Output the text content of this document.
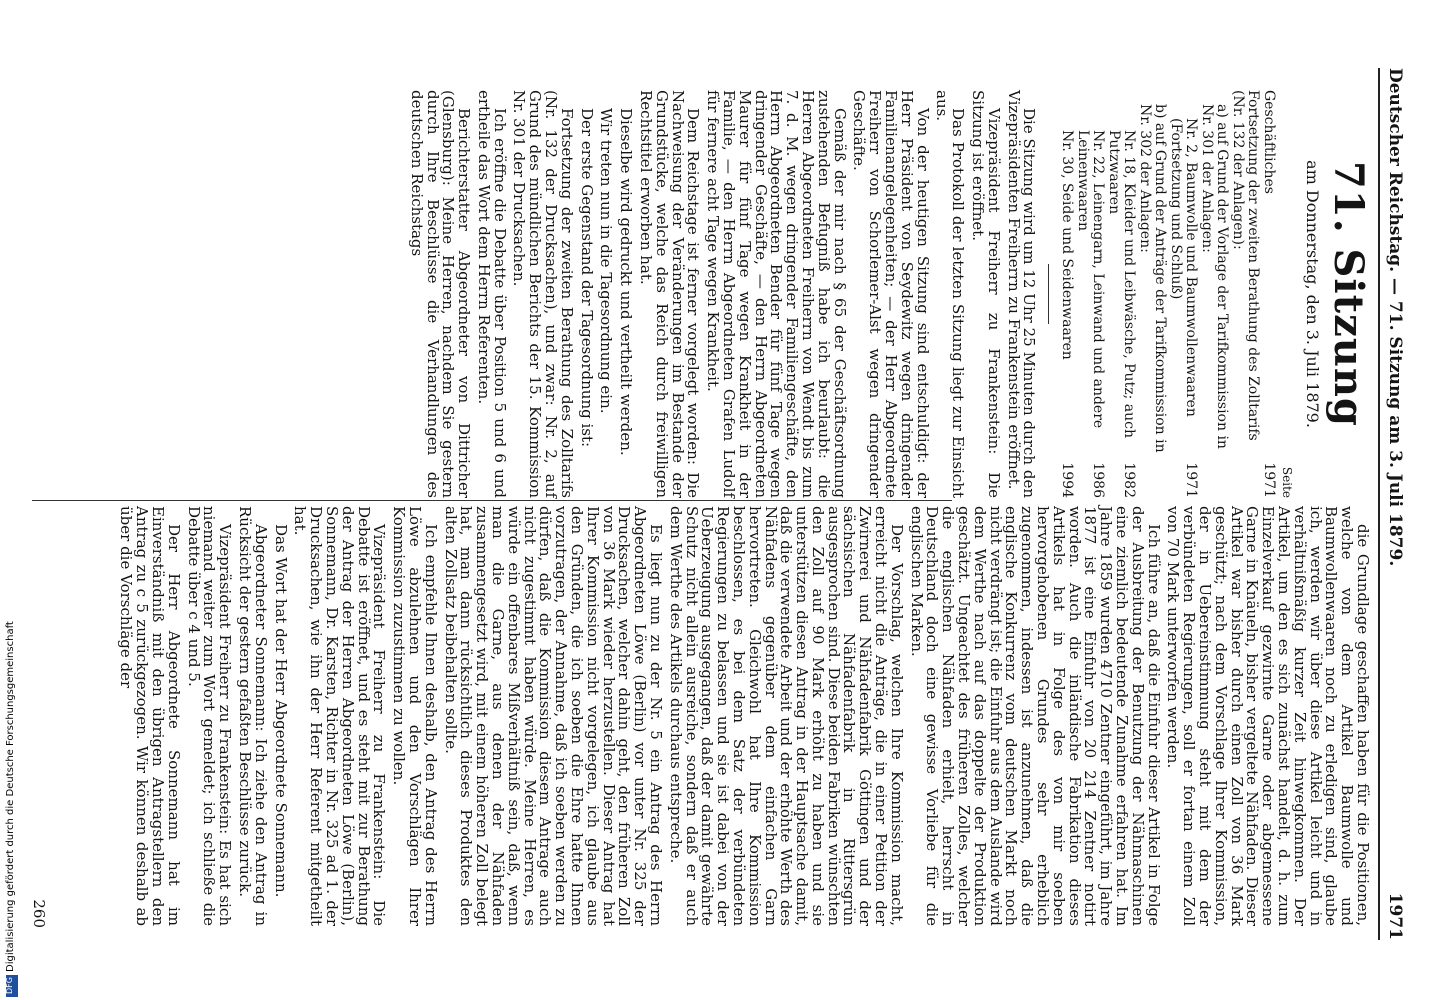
Deutscher Reichstag. — 71. Sitzung am 3. Juli 1879.
1971
71. Sitzung
am Donnerstag, den 3. Juli 1879.
Seite

Geschäftliches
1971
Fortsetzung der zweiten Berathung des Zolltarifs (Nr. 132 der Anlagen):
a) auf Grund der Vorlage der Tarifkommission in Nr. 301 der Anlagen:
Nr. 2, Baumwolle und Baumwollenwaaren (Fortsetzung und Schluß)
1971
b) auf Grund der Anträge der Tarifkommission in Nr. 302 der Anlagen:
Nr. 18, Kleider und Leibwäsche, Putz; auch Putzwaaren
1982
Nr. 22, Leinengarn, Leinwand und andere Leinenwaaren
1986
Nr. 30, Seide und Seidenwaaren
1994

Die Sitzung wird um 12 Uhr 25 Minuten durch den Vizepräsidenten Freiherrn zu Frankenstein eröffnet.

Vizepräsident Freiherr zu Frankenstein: Die Sitzung ist eröffnet.

Das Protokoll der letzten Sitzung liegt zur Einsicht aus.

Von der heutigen Sitzung sind entschuldigt: der Herr Präsident von Seydewitz wegen dringender Familienangelegenheiten; — der Herr Abgeordnete Freiherr von Schorlemer-Alst wegen dringender Geschäfte.

Gemäß der mir nach § 65 der Geschäftsordnung zustehenden Befugniß habe ich beurlaubt: die Herren Abgeordneten Freiherrn von Wendt bis zum 7. d. M. wegen dringender Familiengeschäfte, den Herrn Abgeordneten Bender für fünf Tage wegen dringender Geschäfte, — den Herrn Abgeordneten Maurer für fünf Tage wegen Krankheit in der Familie, — den Herrn Abgeordneten Grafen Ludolf für fernere acht Tage wegen Krankheit.

Dem Reichstage ist ferner vorgelegt worden: Die Nachweisung der Veränderungen im Bestande der Grundstücke, welche das Reich durch freiwilligen Rechtstitel erworben hat.

Dieselbe wird gedruckt und vertheilt werden.

Wir treten nun in die Tagesordnung ein.

Der erste Gegenstand der Tagesordnung ist:

Fortsetzung der zweiten Berathung des Zolltarifs (Nr. 132 der Drucksachen), und zwar: Nr. 2, auf Grund des mündlichen Berichts der 15. Kommission Nr. 301 der Drucksachen.

Ich eröffne die Debatte über Position 5 und 6 und ertheile das Wort dem Herrn Referenten.

Berichterstatter Abgeordneter von Dittricher (Glensburg): Meine Herren, nachdem Sie gestern durch Ihre Beschlüsse die Verhandlungen des deutschen Reichstags

die Grundlage geschaffen haben für die Positionen, welche von dem Artikel Baumwolle und Baumwollenwaaren noch zu erledigen sind, glaube ich, werden wir über diese Artikel leicht und in verhältnißmäßig kurzer Zeit hinwegkommen. Der Artikel, um den es sich zunächst handelt, d. h. zum Einzelverkauf gezwirnte Garne oder abgemessene Garne in Knäueln, bisher vergeltete Nähfaden. Dieser Artikel war bisher durch einen Zoll von 36 Mark geschützt; nach dem Vorschlage Ihrer Kommission, der in Uebereinstimmung steht mit dem der verbündeten Regierungen, soll er fortan einem Zoll von 70 Mark unterworfen werden.

Ich führe an, daß die Einfuhr dieser Artikel in Folge der Ausbreitung der Benutzung der Nähmaschinen eine ziemlich bedeutende Zunahme erfahren hat. Im Jahre 1859 wurden 4710 Zentner eingeführt, im Jahre 1877 ist eine Einfuhr von 20 214 Zentner notirt worden. Auch die inländische Fabrikation dieses Artikels hat in Folge des von mir soeben hervorgehobenen Grundes sehr erheblich zugenommen, indessen ist anzunehmen, daß die englische Konkurrenz vom deutschen Markt noch nicht verdrängt ist; die Einfuhr aus dem Auslande wird dem Werthe nach auf das doppelte der Produktion geschätzt. Ungeachtet des früheren Zolles, welcher die englischen Nähfaden erhielt, herrscht in Deutschland doch eine gewisse Vorliebe für die englischen Marken.

Der Vorschlag, welchen Ihre Kommission macht, erreicht nicht die Anträge, die in einer Petition der Zwirnerei und Nähfadenfabrik Göttingen und der sächsischen Nähfadenfabrik in Rittersgrün ausgesprochen sind. Diese beiden Fabriken wünschten den Zoll auf 90 Mark erhöht zu haben und sie unterstützen diesen Antrag in der Hauptsache damit, daß die verwendete Arbeit und der erhöhte Werth des Nähfadens gegenüber dem einfachen Garn hervortreten. Gleichwohl hat Ihre Kommission beschlossen, es bei dem Satz der verbündeten Regierungen zu belassen und sie ist dabei von der Ueberzeugung ausgegangen, daß der damit gewährte Schutz nicht allein ausreiche, sondern daß er auch dem Werthe des Artikels durchaus entspreche.

Es liegt nun zu der Nr. 5 ein Antrag des Herrn Abgeordneten Löwe (Berlin) vor unter Nr. 325 der Drucksachen, welcher dahin geht, den früheren Zoll von 36 Mark wieder herzustellen. Dieser Antrag hat Ihrer Kommission nicht vorgelegen, ich glaube aus den Gründen, die ich soeben die Ehre hatte Ihnen vorzutragen, der Annahme, daß ich soeben werden zu dürfen, daß die Kommission diesem Antrage auch nicht zugestimmt haben würde. Meine Herren, es würde ein offenbares Mißverhältniß sein, daß, wenn man die Garne, aus denen der Nähfaden zusammengesetzt wird, mit einem höheren Zoll belegt hat, man dann rücksichtlich dieses Produktes den alten Zollsatz beibehalten sollte.

Ich empfehle Ihnen deshalb, den Antrag des Herrn Löwe abzulehnen und den Vorschlägen Ihrer Kommission zuzustimmen zu wollen.

Vizepräsident Freiherr zu Frankenstein: Die Debatte ist eröffnet, und es steht mit zur Berathung der Antrag der Herren Abgeordneten Löwe (Berlin), Sonnemann, Dr. Karsten, Richter in Nr. 325 ad 1. der Drucksachen, wie ihn der Herr Referent mitgetheilt hat.

Das Wort hat der Herr Abgeordnete Sonnemann.

Abgeordneter Sonnemann: Ich ziehe den Antrag in Rücksicht der gestern gefaßten Beschlüsse zurück.

Vizepräsident Freiherr zu Frankenstein: Es hat sich niemand weiter zum Wort gemeldet; ich schließe die Debatte über c 4 und 5.

Der Herr Abgeordnete Sonnemann hat im Einverständniß mit den übrigen Antragstellern den Antrag zu c 5 zurückgezogen. Wir können deshalb ab über die Vorschläge der

260
Digitalisierung gefördert durch die Deutsche Forschungsgemeinschaft
DFG
